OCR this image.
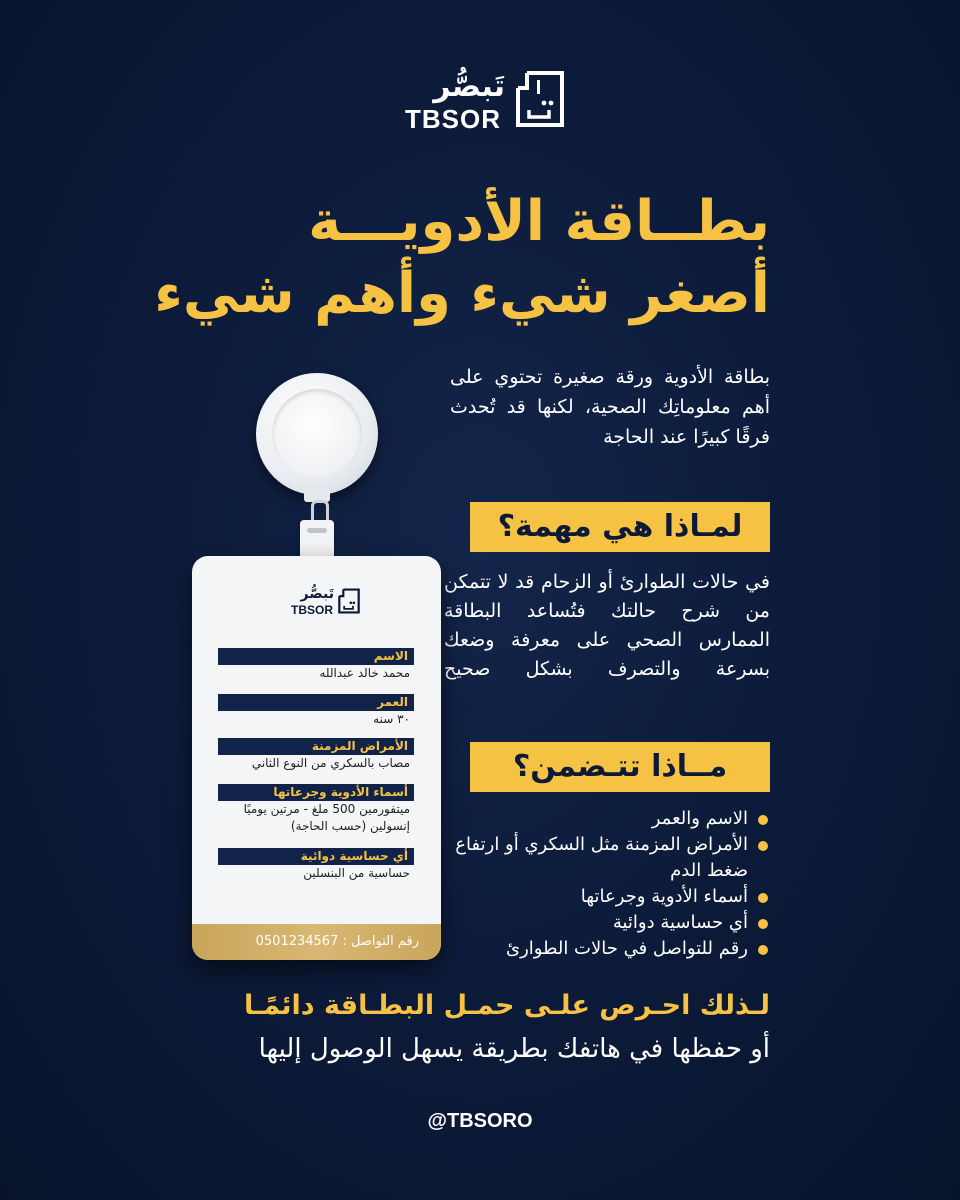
تَبصُّر
TBSOR
بطــاقة الأدويـــة
أصغر شيء وأهم شيء
بطاقة الأدوية ورقة صغيرة تحتوي على أهم معلوماتِك الصحية، لكنها قد تُحدث فرقًا كبيرًا عند الحاجة
لمـاذا هي مهمة؟
في حالات الطوارئ أو الزحام قد لا تتمكن من شرح حالتك فتُساعد البطاقة الممارس الصحي على معرفة وضعك بسرعة والتصرف بشكل صحيح
مــاذا تتـضمن؟
الاسم والعمر
الأمراض المزمنة مثل السكري أو ارتفاع ضغط الدم
أسماء الأدوية وجرعاتها
أي حساسية دوائية
رقم للتواصل في حالات الطوارئ
لـذلك احـرص علـى حمـل البطـاقة دائمًـا
أو حفظها في هاتفك بطريقة يسهل الوصول إليها
@TBSORO
تَبصُّر
TBSOR
الاسم
محمد خالد عبدالله
العمر
٣٠ سنه
الأمراض المزمنة
مصاب بالسكري من النوع الثاني
أسماء الأدوية وجرعاتها
ميتفورمين 500 ملغ - مرتين يوميًا
إنسولين (حسب الحاجة)
أي حساسية دوائية
حساسية من البنسلين
رقم التواصل : 0501234567
